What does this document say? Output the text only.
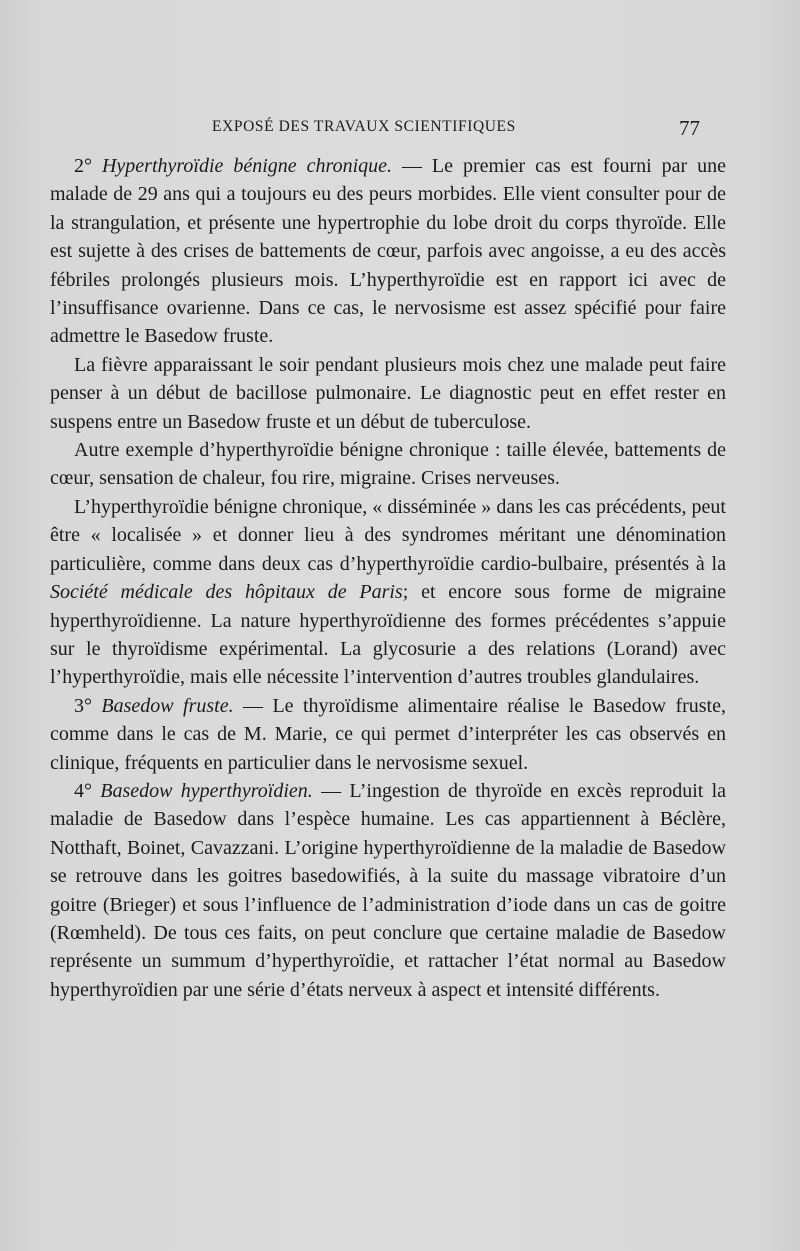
EXPOSÉ DES TRAVAUX SCIENTIFIQUES	77

2° Hyperthyroïdie bénigne chronique. — Le premier cas est fourni par une malade de 29 ans qui a toujours eu des peurs morbides. Elle vient consulter pour de la strangulation, et présente une hypertrophie du lobe droit du corps thyroïde. Elle est sujette à des crises de battements de cœur, parfois avec angoisse, a eu des accès fébriles prolongés plusieurs mois. L’hyperthyroïdie est en rapport ici avec de l’insuffisance ovarienne. Dans ce cas, le nervosisme est assez spécifié pour faire admettre le Basedow fruste.

La fièvre apparaissant le soir pendant plusieurs mois chez une malade peut faire penser à un début de bacillose pulmonaire. Le diagnostic peut en effet rester en suspens entre un Basedow fruste et un début de tuberculose.

Autre exemple d’hyperthyroïdie bénigne chronique : taille élevée, battements de cœur, sensation de chaleur, fou rire, migraine. Crises nerveuses.

L’hyperthyroïdie bénigne chronique, « disséminée » dans les cas précédents, peut être « localisée » et donner lieu à des syndromes méritant une dénomination particulière, comme dans deux cas d’hyperthyroïdie cardio-bulbaire, présentés à la Société médicale des hôpitaux de Paris; et encore sous forme de migraine hyperthyroïdienne. La nature hyperthyroïdienne des formes précédentes s’appuie sur le thyroïdisme expérimental. La glycosurie a des relations (Lorand) avec l’hyperthyroïdie, mais elle nécessite l’intervention d’autres troubles glandulaires.

3° Basedow fruste. — Le thyroïdisme alimentaire réalise le Basedow fruste, comme dans le cas de M. Marie, ce qui permet d’interpréter les cas observés en clinique, fréquents en particulier dans le nervosisme sexuel.

4° Basedow hyperthyroïdien. — L’ingestion de thyroïde en excès reproduit la maladie de Basedow dans l’espèce humaine. Les cas appartiennent à Béclère, Notthaft, Boinet, Cavazzani. L’origine hyperthyroïdienne de la maladie de Basedow se retrouve dans les goitres basedowifiés, à la suite du massage vibratoire d’un goitre (Brieger) et sous l’influence de l’administration d’iode dans un cas de goitre (Rœmheld). De tous ces faits, on peut conclure que certaine maladie de Basedow représente un summum d’hyperthyroïdie, et rattacher l’état normal au Basedow hyperthyroïdien par une série d’états nerveux à aspect et intensité différents.
